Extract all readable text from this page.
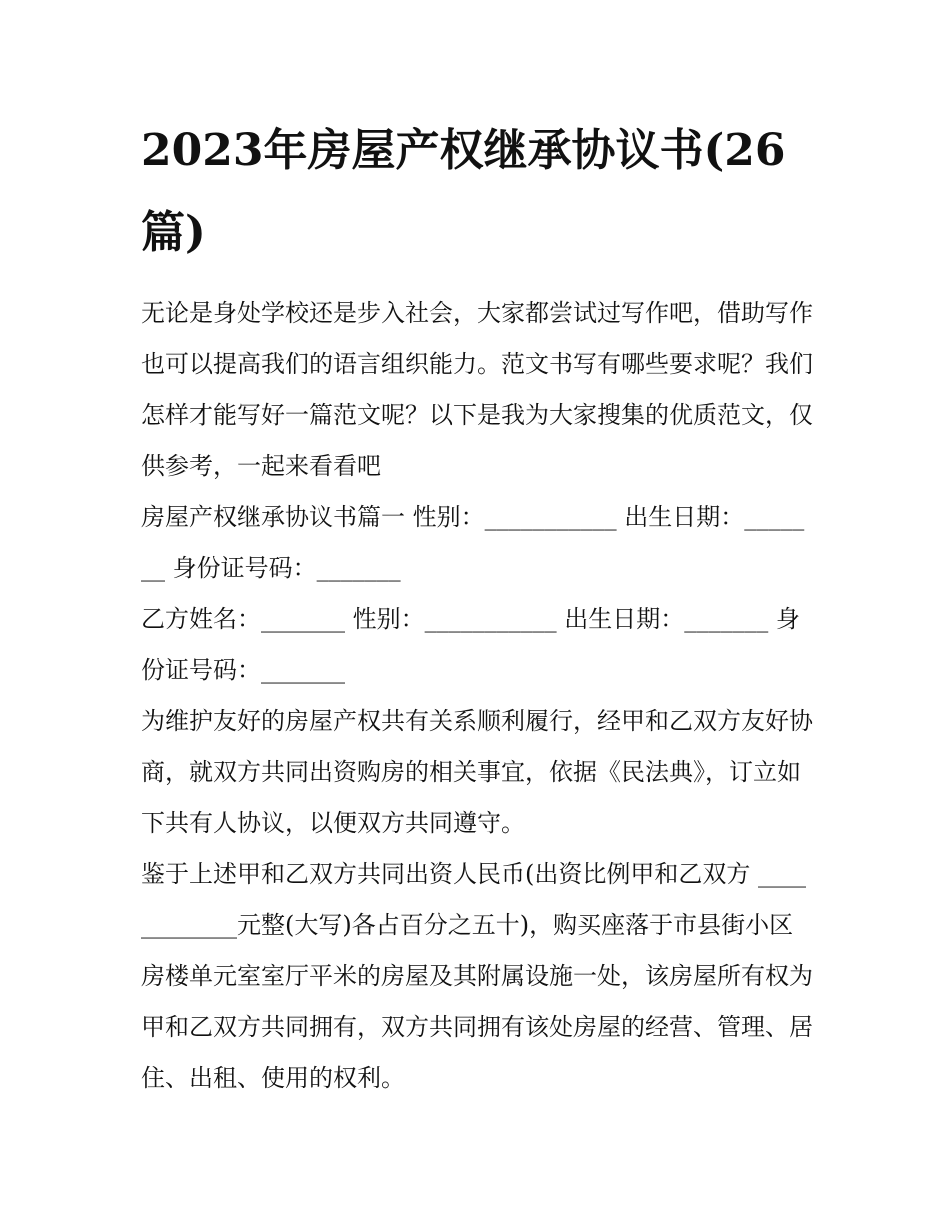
2023年房屋产权继承协议书(26篇)

无论是身处学校还是步入社会，大家都尝试过写作吧，借助写作也可以提高我们的语言组织能力。范文书写有哪些要求呢？我们怎样才能写好一篇范文呢？以下是我为大家搜集的优质范文，仅供参考，一起来看看吧

房屋产权继承协议书篇一 性别：___________ 出生日期：_______ 身份证号码：_______

乙方姓名：_______ 性别：___________ 出生日期：_______ 身份证号码：_______

为维护友好的房屋产权共有关系顺利履行，经甲和乙双方友好协商，就双方共同出资购房的相关事宜，依据《民法典》，订立如下共有人协议，以便双方共同遵守。

鉴于上述甲和乙双方共同出资人民币(出资比例甲和乙双方 ____________元整(大写)各占百分之五十)，购买座落于市县街小区房楼单元室室厅平米的房屋及其附属设施一处，该房屋所有权为甲和乙双方共同拥有，双方共同拥有该处房屋的经营、管理、居住、出租、使用的权利。
